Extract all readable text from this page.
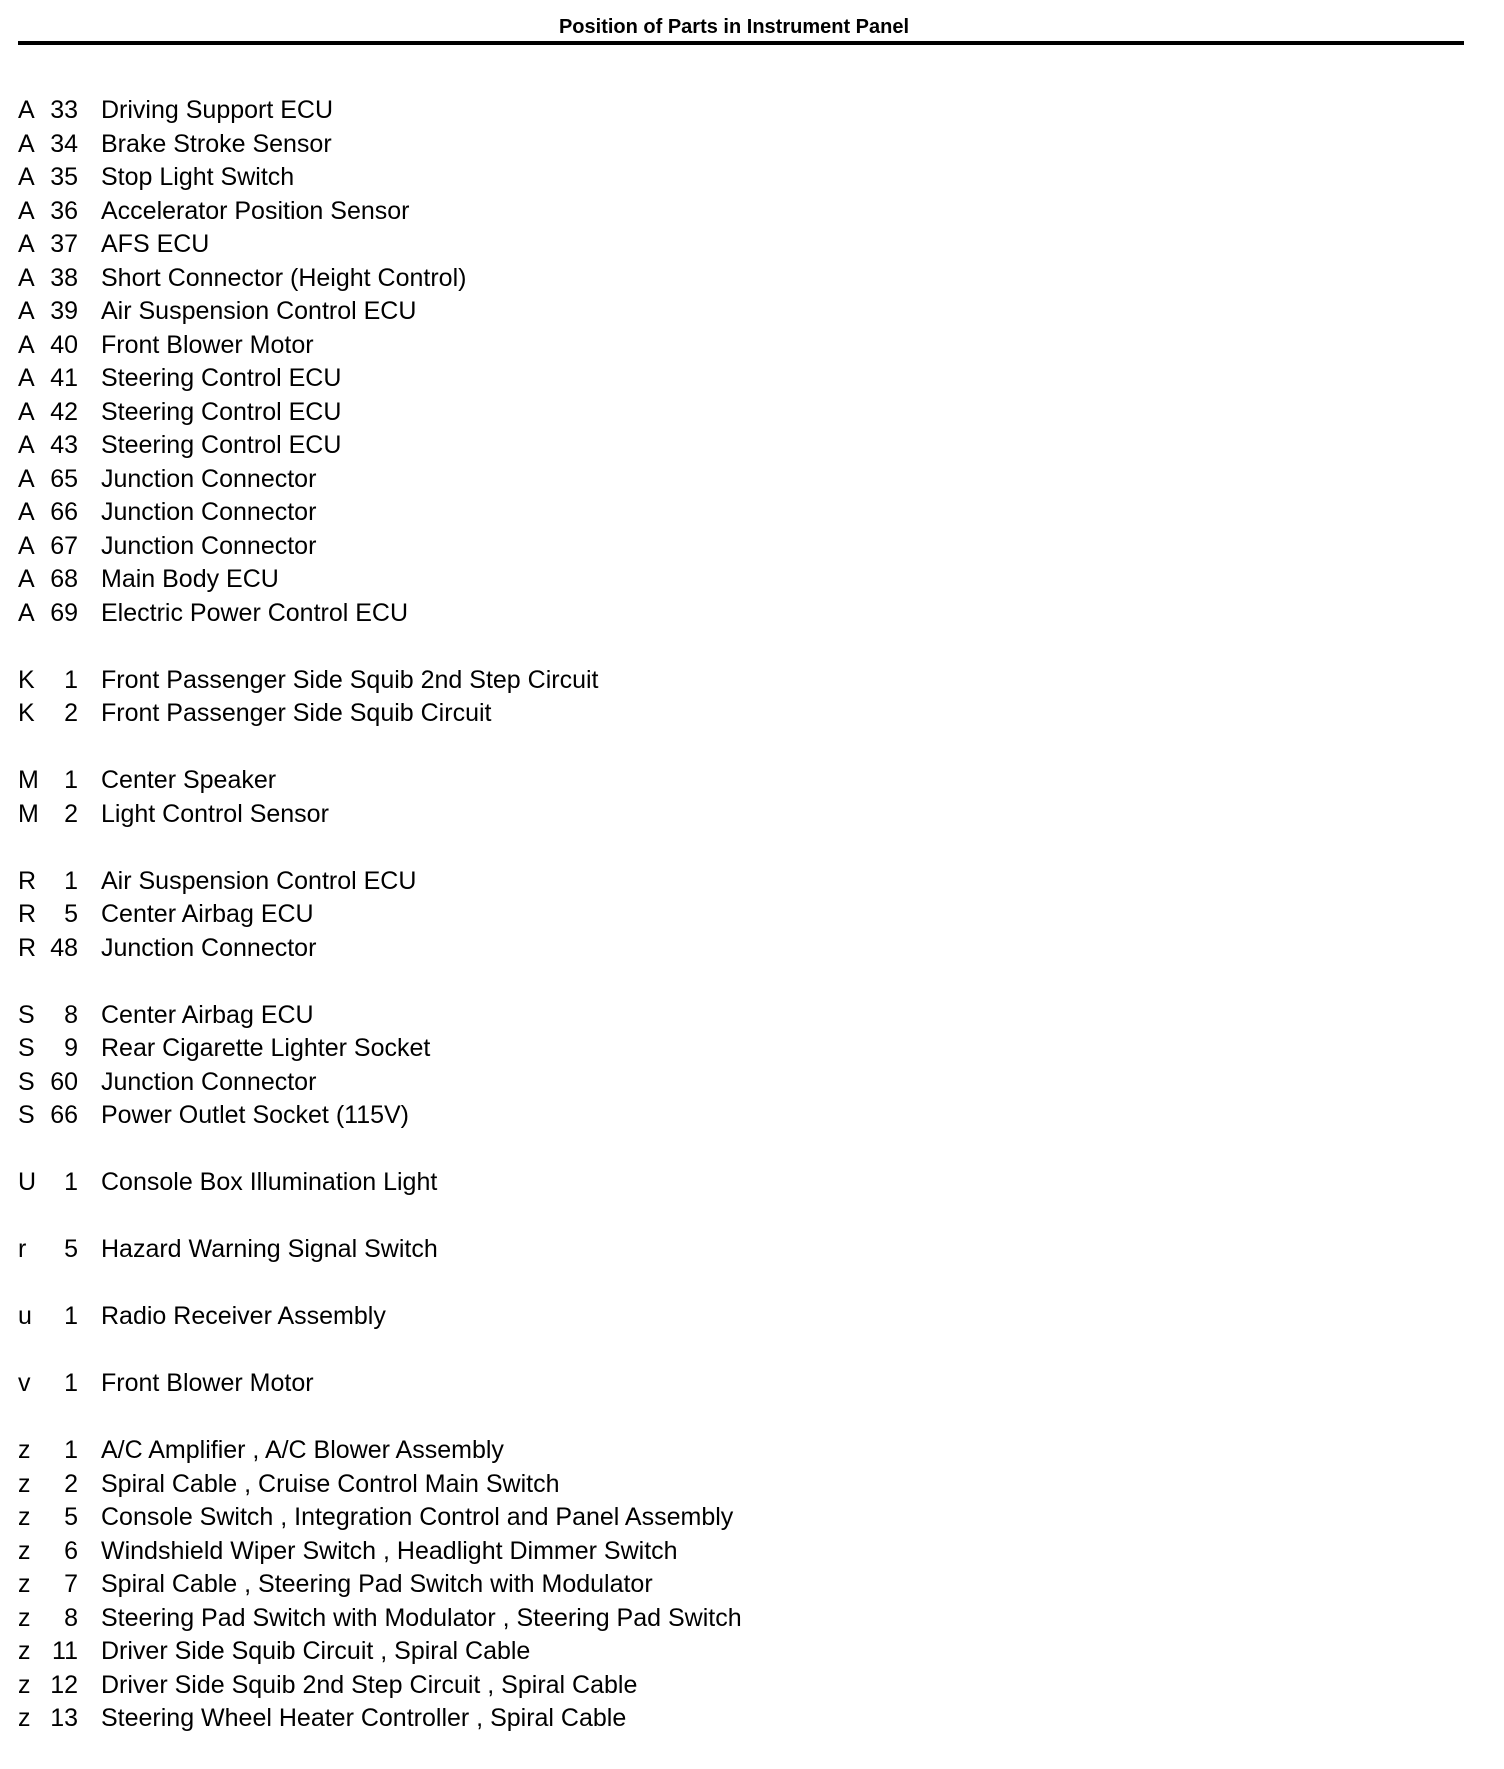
Position of Parts in Instrument Panel
A 33 Driving Support ECU
A 34 Brake Stroke Sensor
A 35 Stop Light Switch
A 36 Accelerator Position Sensor
A 37 AFS ECU
A 38 Short Connector (Height Control)
A 39 Air Suspension Control ECU
A 40 Front Blower Motor
A 41 Steering Control ECU
A 42 Steering Control ECU
A 43 Steering Control ECU
A 65 Junction Connector
A 66 Junction Connector
A 67 Junction Connector
A 68 Main Body ECU
A 69 Electric Power Control ECU
K	1 Front Passenger Side Squib 2nd Step Circuit
K	2 Front Passenger Side Squib Circuit
M	1 Center Speaker
M	2 Light Control Sensor
R	1 Air Suspension Control ECU
R	5 Center Airbag ECU
R 48 Junction Connector
S	8 Center Airbag ECU
S	9 Rear Cigarette Lighter Socket
S 60 Junction Connector
S 66 Power Outlet Socket (115V)
U	1 Console Box Illumination Light
r	5 Hazard Warning Signal Switch
u	1 Radio Receiver Assembly
v	1 Front Blower Motor
z	1 A/C Amplifier , A/C Blower Assembly
z	2 Spiral Cable , Cruise Control Main Switch
z	5 Console Switch , Integration Control and Panel Assembly
z	6 Windshield Wiper Switch , Headlight Dimmer Switch
z	7 Spiral Cable , Steering Pad Switch with Modulator
z	8 Steering Pad Switch with Modulator , Steering Pad Switch
z 11 Driver Side Squib Circuit , Spiral Cable
z 12 Driver Side Squib 2nd Step Circuit , Spiral Cable
z 13 Steering Wheel Heater Controller , Spiral Cable
